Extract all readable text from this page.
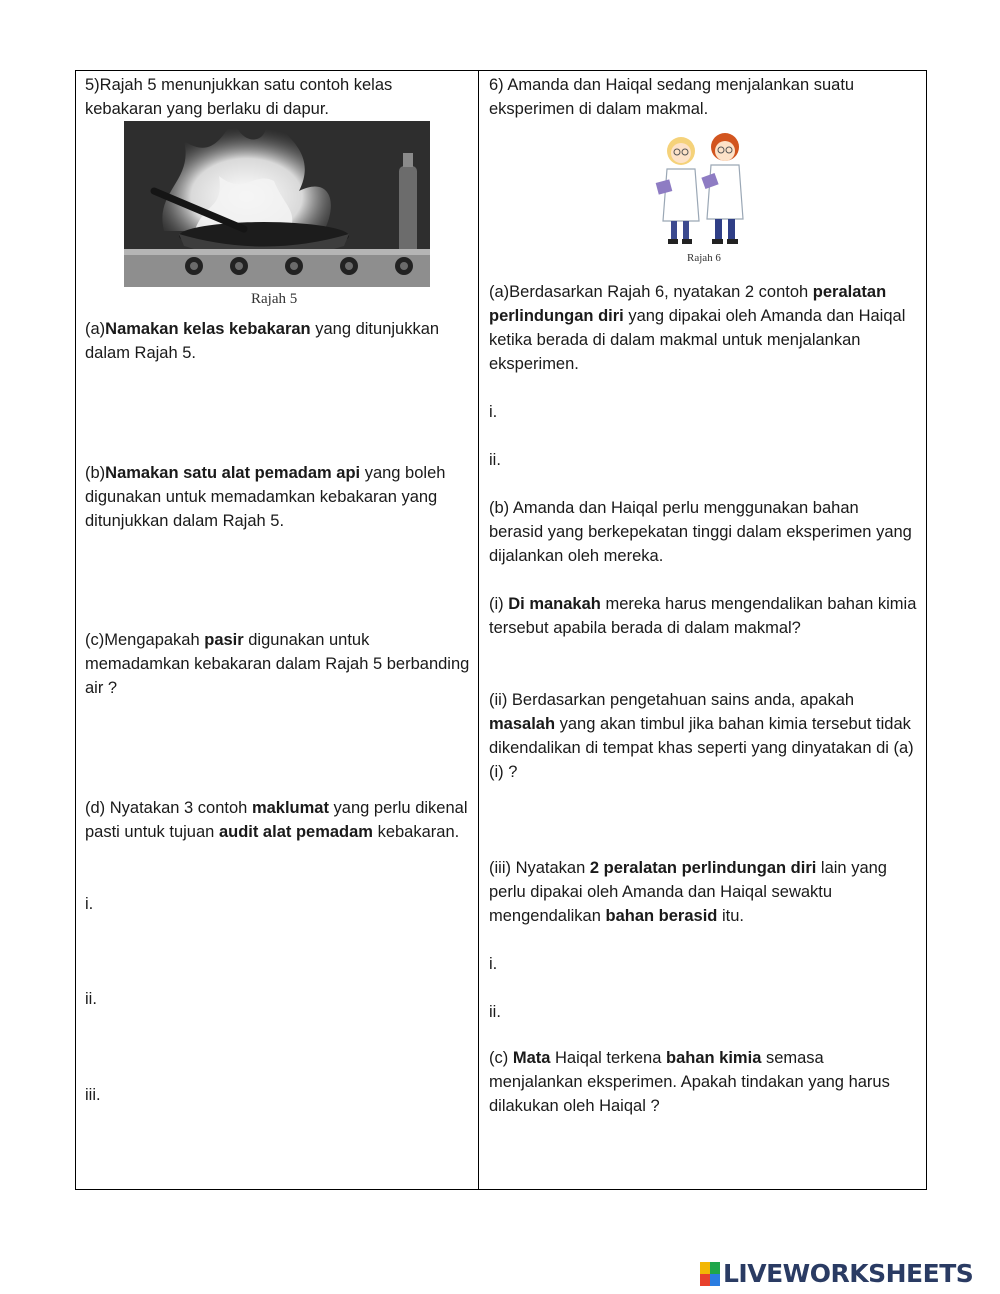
5)Rajah 5 menunjukkan satu contoh kelas kebakaran yang berlaku di dapur.

Rajah 5

(a)Namakan kelas kebakaran yang ditunjukkan dalam Rajah 5.

(b)Namakan satu alat pemadam api yang boleh digunakan untuk memadamkan kebakaran yang ditunjukkan dalam Rajah 5.

(c)Mengapakah pasir digunakan untuk memadamkan kebakaran dalam Rajah 5 berbanding air ?

(d) Nyatakan 3 contoh maklumat yang perlu dikenal pasti untuk tujuan audit alat pemadam kebakaran.

i.

ii.

iii.

6) Amanda dan Haiqal sedang menjalankan suatu eksperimen di dalam makmal.

Rajah 6

(a)Berdasarkan Rajah 6, nyatakan 2 contoh peralatan perlindungan diri yang dipakai oleh Amanda dan Haiqal ketika berada di dalam makmal untuk menjalankan eksperimen.

i.

ii.

(b) Amanda dan Haiqal perlu menggunakan bahan berasid yang berkepekatan tinggi dalam eksperimen yang dijalankan oleh mereka.

(i) Di manakah mereka harus mengendalikan bahan kimia tersebut apabila berada di dalam makmal?

(ii) Berdasarkan pengetahuan sains anda, apakah masalah yang akan timbul jika bahan kimia tersebut tidak dikendalikan di tempat khas seperti yang dinyatakan di (a)(i) ?

(iii) Nyatakan 2 peralatan perlindungan diri lain yang perlu dipakai oleh Amanda dan Haiqal sewaktu mengendalikan bahan berasid itu.

i.

ii.

(c) Mata Haiqal terkena bahan kimia semasa menjalankan eksperimen. Apakah tindakan yang harus dilakukan oleh Haiqal ?

LIVEWORKSHEETS
